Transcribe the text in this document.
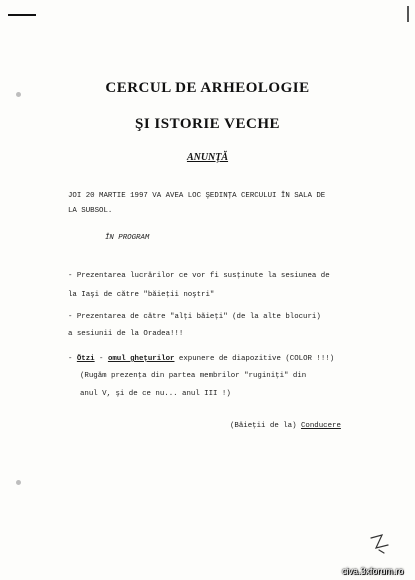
CERCUL DE ARHEOLOGIE
ŞI ISTORIE VECHE
ANUNŢĂ
JOI 20 MARTIE 1997 VA AVEA LOC ŞEDINŢA CERCULUI ÎN SALA DE
LA SUBSOL.
ÎN PROGRAM
- Prezentarea lucrărilor ce vor fi susţinute la sesiunea de
la Iaşi de către "băieţii noştri"
- Prezentarea de către "alţi băieţi" (de la alte blocuri)
a sesiunii de la Oradea!!!
- Ötzi - omul gheţurilor expunere de diapozitive (COLOR !!!)
(Rugăm prezenţa din partea membrilor "ruginiţi" din
anul V, şi de ce nu... anul III !)
(Băieţii de la) Conducere
civa.3xforum.ro
